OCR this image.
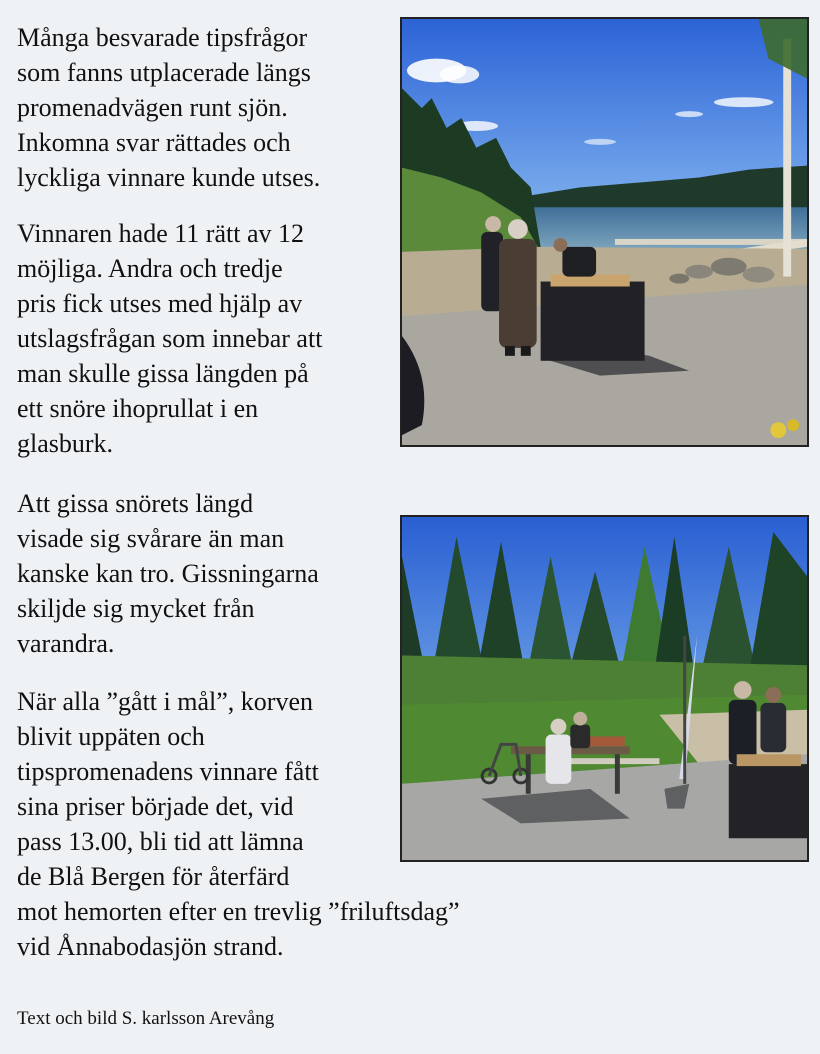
Många besvarade tipsfrågor
som fanns utplacerade längs
promenadvägen runt sjön.
Inkomna svar rättades och
lyckliga vinnare kunde utses.

Vinnaren hade 11 rätt av 12
möjliga. Andra och tredje
pris fick utses med hjälp av
utslagsfrågan som innebar att
man skulle gissa längden på
ett snöre ihoprullat i en
glasburk.

Att gissa snörets längd
visade sig svårare än man
kanske kan tro. Gissningarna
skiljde sig mycket från
varandra.

När alla ”gått i mål”, korven
blivit uppäten och
tipspromenadens vinnare fått
sina priser började det, vid
pass 13.00, bli tid att lämna
de Blå Bergen för återfärd
mot hemorten efter en trevlig ”friluftsdag”
vid Ånnabodasjön strand.

Text och bild S. karlsson Arevång
